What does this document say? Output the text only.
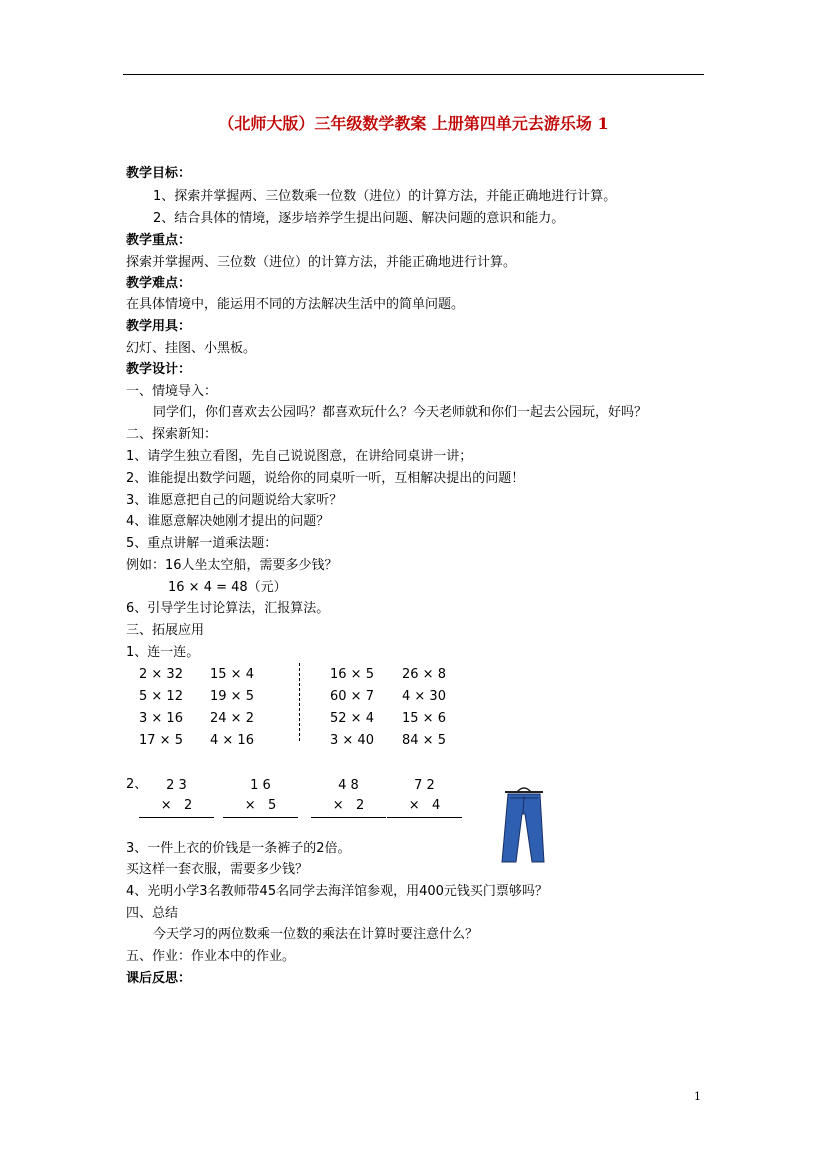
（北师大版）三年级数学教案 上册第四单元去游乐场 1
教学目标：
1、探索并掌握两、三位数乘一位数（进位）的计算方法，并能正确地进行计算。
2、结合具体的情境，逐步培养学生提出问题、解决问题的意识和能力。
教学重点：
探索并掌握两、三位数（进位）的计算方法，并能正确地进行计算。
教学难点：
在具体情境中，能运用不同的方法解决生活中的简单问题。
教学用具：
幻灯、挂图、小黑板。
教学设计：
一、情境导入：
同学们，你们喜欢去公园吗？都喜欢玩什么？今天老师就和你们一起去公园玩，好吗？
二、探索新知：
1、请学生独立看图，先自己说说图意，在讲给同桌讲一讲；
2、谁能提出数学问题，说给你的同桌听一听，互相解决提出的问题！
3、谁愿意把自己的问题说给大家听？
4、谁愿意解决她刚才提出的问题？
5、重点讲解一道乘法题：
例如：16人坐太空船，需要多少钱？
16 × 4 = 48（元）
6、引导学生讨论算法，汇报算法。
三、拓展应用
1、连一连。
2 × 32 15 × 4	16 × 5 26 × 8
5 × 12 19 × 5	60 × 7 4 × 30
3 × 16 24 × 2	52 × 4 15 × 6
17 × 5 4 × 16	3 × 40 84 × 5
2、	2 3
×   2
1 6
×   5
4 8
×   2
7 2
×   4
3、一件上衣的价钱是一条裤子的2倍。
买这样一套衣服，需要多少钱？
4、光明小学3名教师带45名同学去海洋馆参观，用400元钱买门票够吗？
四、总结
今天学习的两位数乘一位数的乘法在计算时要注意什么？
五、作业：作业本中的作业。
课后反思：
1
